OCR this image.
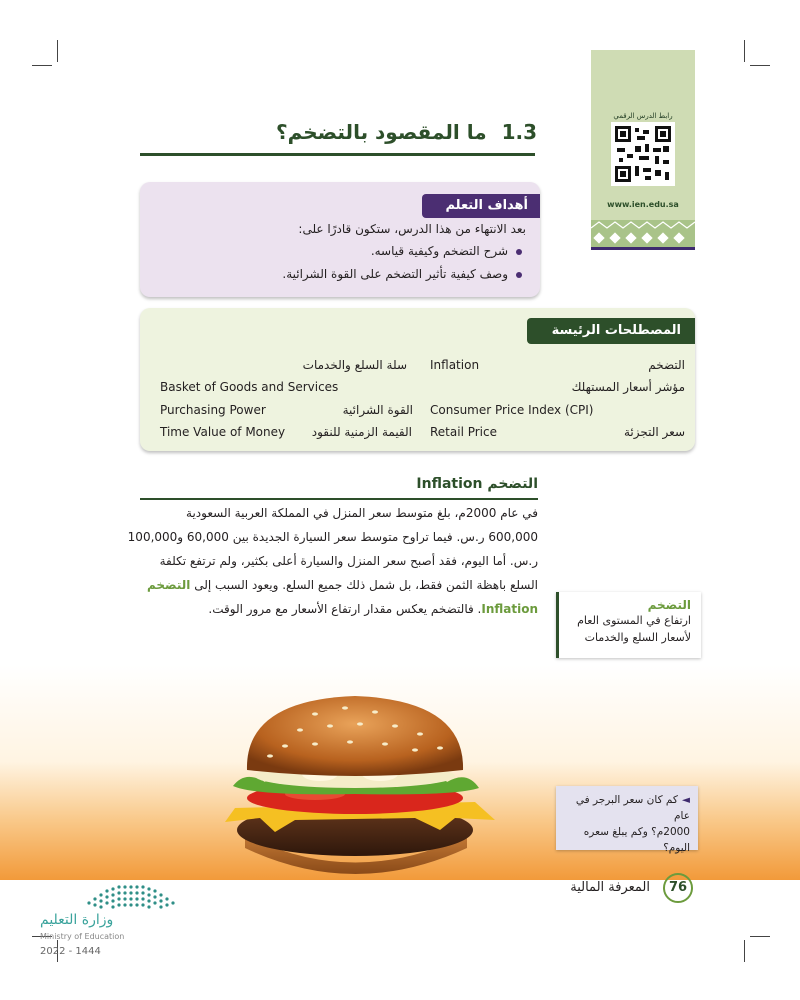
رابط الدرس الرقمي
www.ien.edu.sa
1.3 ما المقصود بالتضخم؟
أهداف التعلم
بعد الانتهاء من هذا الدرس، ستكون قادرًا على:
شرح التضخم وكيفية قياسه.
وصف كيفية تأثير التضخم على القوة الشرائية.
المصطلحات الرئيسة
التضخم
Inflation
سلة السلع والخدمات
مؤشر أسعار المستهلك
Basket of Goods and Services
Consumer Price Index (CPI)
القوة الشرائية
Purchasing Power
سعر التجزئة
Retail Price
القيمة الزمنية للنقود
Time Value of Money
التضخم Inflation
في عام 2000م، بلغ متوسط سعر المنزل في المملكة العربية السعودية
600,000 ر.س. فيما تراوح متوسط سعر السيارة الجديدة بين 60,000 و100,000
ر.س. أما اليوم، فقد أصبح سعر المنزل والسيارة أعلى بكثير، ولم ترتفع تكلفة
السلع باهظة الثمن فقط، بل شمل ذلك جميع السلع. ويعود السبب إلى التضخم
Inflation. فالتضخم يعكس مقدار ارتفاع الأسعار مع مرور الوقت.	التضخم
ارتفاع في المستوى العام
لأسعار السلع والخدمات
◄كم كان سعر البرجر في عام
2000م؟ وكم يبلغ سعره
اليوم؟
76
المعرفة المالية
وزارة التعليم
Ministry of Education
2022 - 1444
